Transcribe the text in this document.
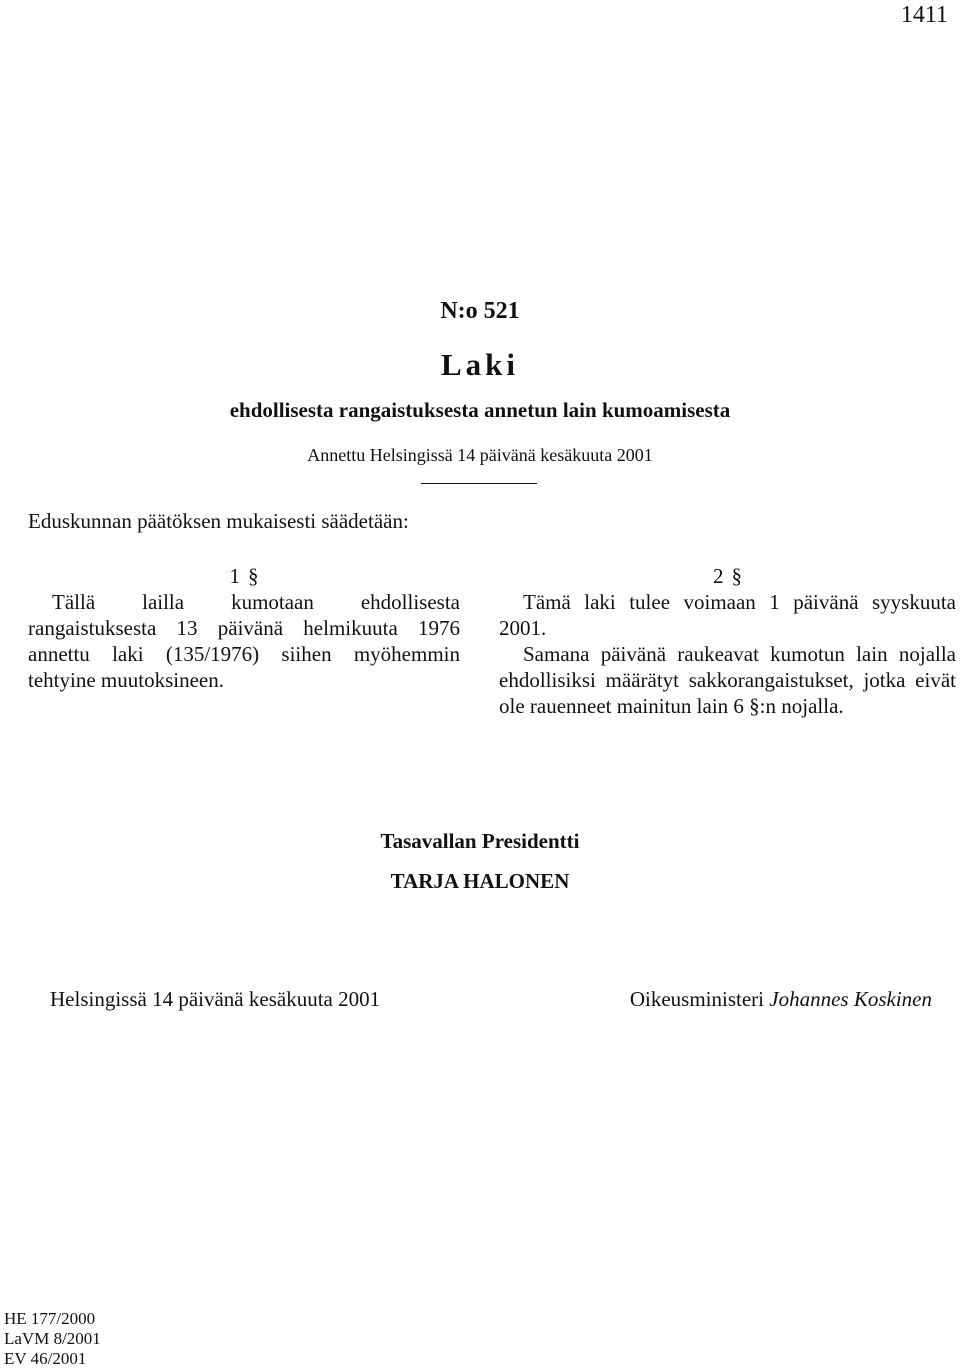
1411
N:o 521
Laki
ehdollisesta rangaistuksesta annetun lain kumoamisesta
Annettu Helsingissä 14 päivänä kesäkuuta 2001
Eduskunnan päätöksen mukaisesti säädetään:
1 §

Tällä lailla kumotaan ehdollisesta rangaistuksesta 13 päivänä helmikuuta 1976 annettu laki (135/1976) siihen myöhemmin tehtyine muutoksineen.

Helsingissä 14 päivänä kesäkuuta 2001
2 §

Tämä laki tulee voimaan 1 päivänä syyskuuta 2001.

Samana päivänä raukeavat kumotun lain nojalla ehdollisiksi määrätyt sakkorangaistukset, jotka eivät ole rauenneet mainitun lain 6 §:n nojalla.

Tasavallan Presidentti
TARJA HALONEN
Oikeusministeri Johannes Koskinen
HE 177/2000
LaVM 8/2001
EV 46/2001
